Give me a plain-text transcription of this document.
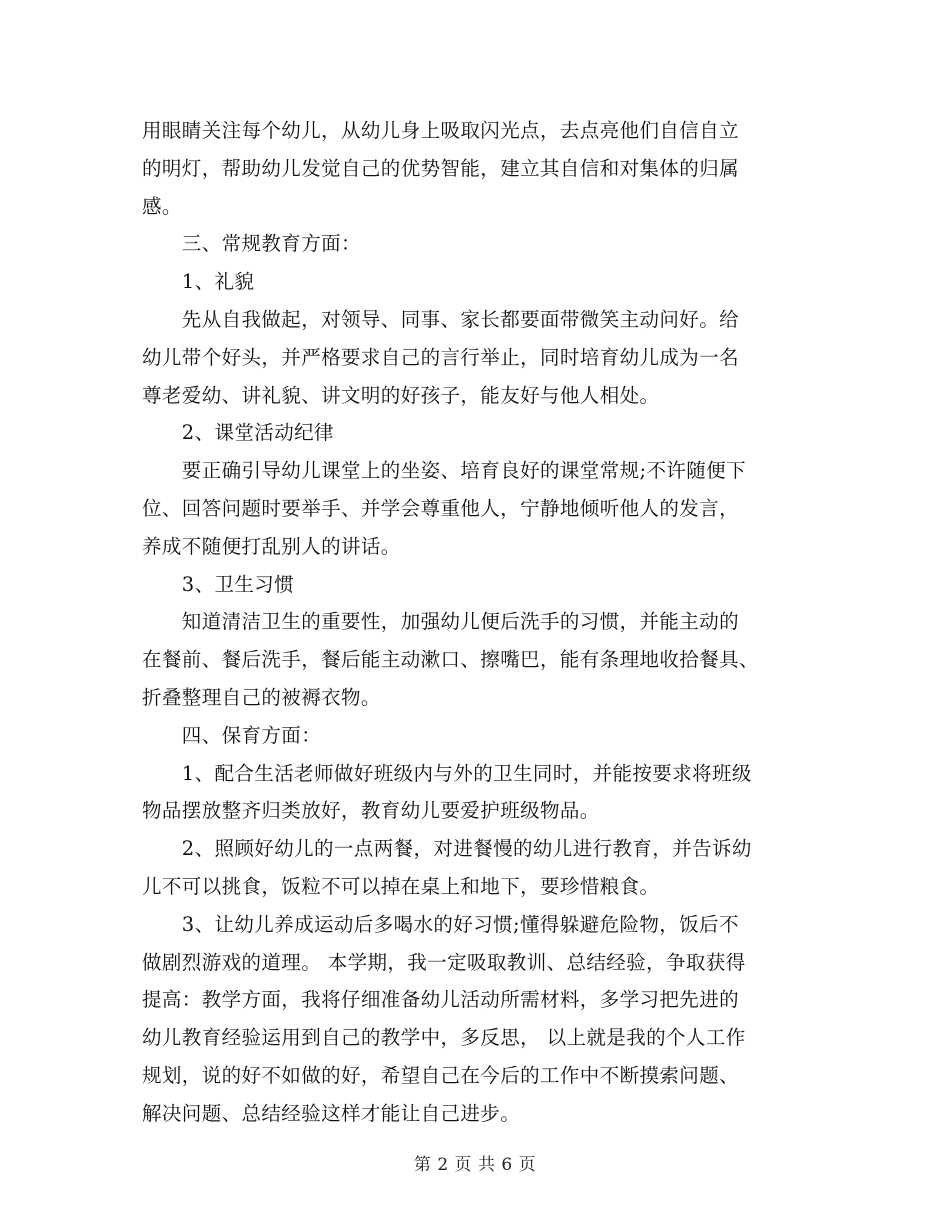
用眼睛关注每个幼儿，从幼儿身上吸取闪光点，去点亮他们自信自立
的明灯，帮助幼儿发觉自己的优势智能，建立其自信和对集体的归属
感。
　　三、常规教育方面：
　　1、礼貌
　　先从自我做起，对领导、同事、家长都要面带微笑主动问好。给
幼儿带个好头，并严格要求自己的言行举止，同时培育幼儿成为一名
尊老爱幼、讲礼貌、讲文明的好孩子，能友好与他人相处。
　　2、课堂活动纪律
　　要正确引导幼儿课堂上的坐姿、培育良好的课堂常规;不许随便下
位、回答问题时要举手、并学会尊重他人，宁静地倾听他人的发言，
养成不随便打乱别人的讲话。
　　3、卫生习惯
　　知道清洁卫生的重要性，加强幼儿便后洗手的习惯，并能主动的
在餐前、餐后洗手，餐后能主动漱口、擦嘴巴，能有条理地收拾餐具、
折叠整理自己的被褥衣物。
　　四、保育方面：
　　1、配合生活老师做好班级内与外的卫生同时，并能按要求将班级
物品摆放整齐归类放好，教育幼儿要爱护班级物品。
　　2、照顾好幼儿的一点两餐，对进餐慢的幼儿进行教育，并告诉幼
儿不可以挑食，饭粒不可以掉在桌上和地下，要珍惜粮食。
　　3、让幼儿养成运动后多喝水的好习惯;懂得躲避危险物，饭后不
做剧烈游戏的道理。 本学期，我一定吸取教训、总结经验，争取获得
提高：教学方面，我将仔细准备幼儿活动所需材料，多学习把先进的
幼儿教育经验运用到自己的教学中，多反思， 以上就是我的个人工作
规划，说的好不如做的好，希望自己在今后的工作中不断摸索问题、
解决问题、总结经验这样才能让自己进步。
第 2 页 共 6 页
